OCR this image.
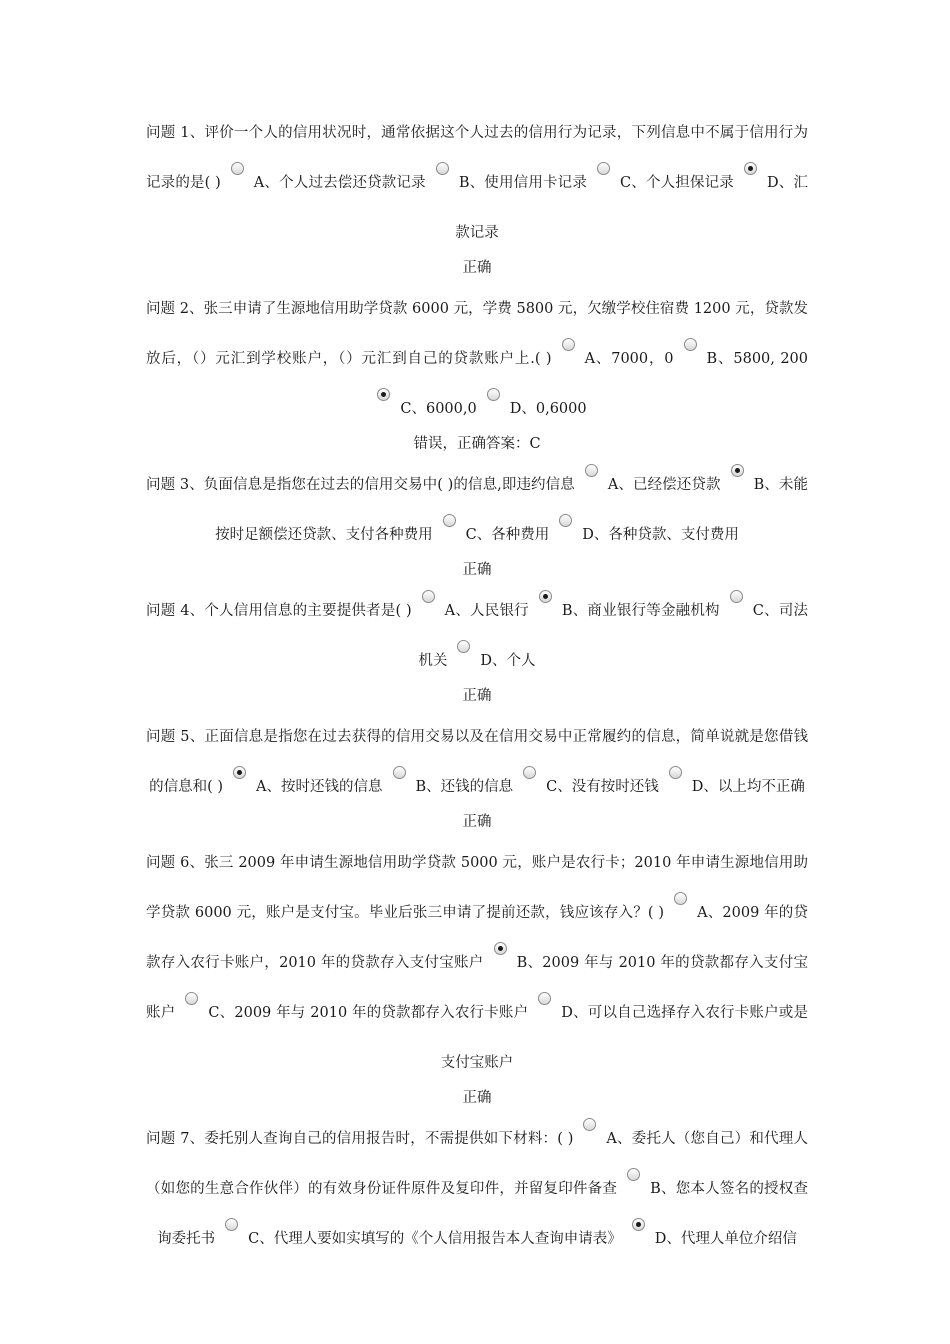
问题 1、评价一个人的信用状况时，通常依据这个人过去的信用行为记录，下列信息中不属于信用行为记录的是( ) A、个人过去偿还贷款记录 B、使用信用卡记录 C、个人担保记录 D、汇款记录

正确

问题 2、张三申请了生源地信用助学贷款 6000 元，学费 5800 元，欠缴学校住宿费 1200 元，贷款发放后，（）元汇到学校账户，（）元汇到自己的贷款账户上.( ) A、7000，0 B、5800, 200C、6000,0 D、0,6000

错误，正确答案：C

问题 3、负面信息是指您在过去的信用交易中( )的信息,即违约信息 A、已经偿还贷款 B、未能按时足额偿还贷款、支付各种费用 C、各种费用 D、各种贷款、支付费用

正确

问题 4、个人信用信息的主要提供者是( ) A、人民银行 B、商业银行等金融机构 C、司法机关 D、个人

正确

问题 5、正面信息是指您在过去获得的信用交易以及在信用交易中正常履约的信息，简单说就是您借钱的信息和( ) A、按时还钱的信息 B、还钱的信息 C、没有按时还钱 D、以上均不正确

正确

问题 6、张三 2009 年申请生源地信用助学贷款 5000 元，账户是农行卡；2010 年申请生源地信用助学贷款 6000 元，账户是支付宝。毕业后张三申请了提前还款，钱应该存入？( ) A、2009 年的贷款存入农行卡账户，2010 年的贷款存入支付宝账户 B、2009 年与 2010 年的贷款都存入支付宝账户 C、2009 年与 2010 年的贷款都存入农行卡账户 D、可以自己选择存入农行卡账户或是支付宝账户

正确

问题 7、委托别人查询自己的信用报告时，不需提供如下材料：( ) A、委托人（您自己）和代理人（如您的生意合作伙伴）的有效身份证件原件及复印件，并留复印件备查 B、您本人签名的授权查询委托书 C、代理人要如实填写的《个人信用报告本人查询申请表》 D、代理人单位介绍信
